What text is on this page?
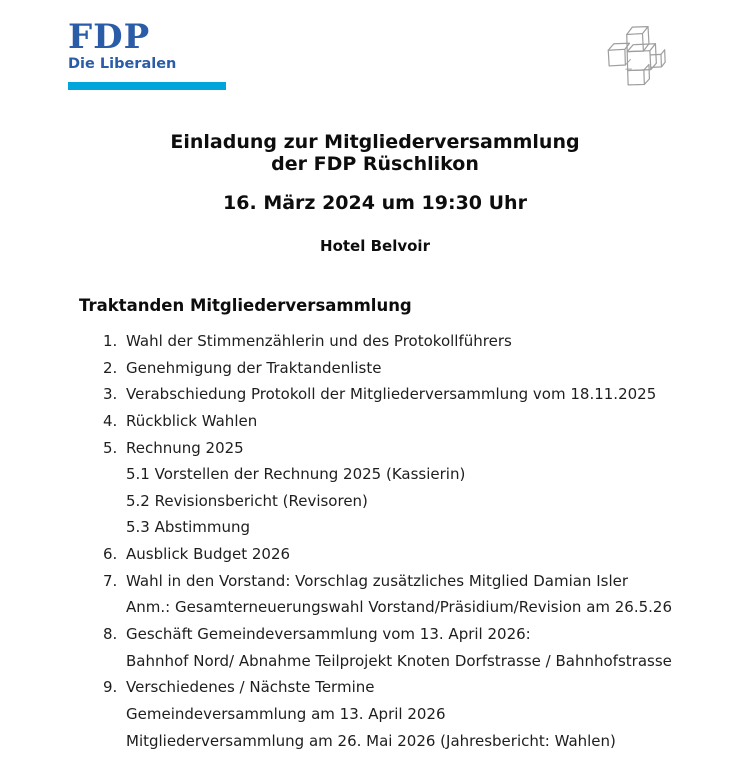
FDP
Die Liberalen
Einladung zur Mitgliederversammlung
der FDP Rüschlikon
16. März 2024 um 19:30 Uhr
Hotel Belvoir
Traktanden Mitgliederversammlung
1. Wahl der Stimmenzählerin und des Protokollführers
2. Genehmigung der Traktandenliste
3. Verabschiedung Protokoll der Mitgliederversammlung vom 18.11.2025
4. Rückblick Wahlen
5. Rechnung 2025
5.1 Vorstellen der Rechnung 2025 (Kassierin)
5.2 Revisionsbericht (Revisoren)
5.3 Abstimmung
6. Ausblick Budget 2026
7. Wahl in den Vorstand: Vorschlag zusätzliches Mitglied Damian Isler
Anm.: Gesamterneuerungswahl Vorstand/Präsidium/Revision am 26.5.26
8. Geschäft Gemeindeversammlung vom 13. April 2026:
Bahnhof Nord/ Abnahme Teilprojekt Knoten Dorfstrasse / Bahnhofstrasse
9. Verschiedenes / Nächste Termine
Gemeindeversammlung am 13. April 2026
Mitgliederversammlung am 26. Mai 2026 (Jahresbericht: Wahlen)
